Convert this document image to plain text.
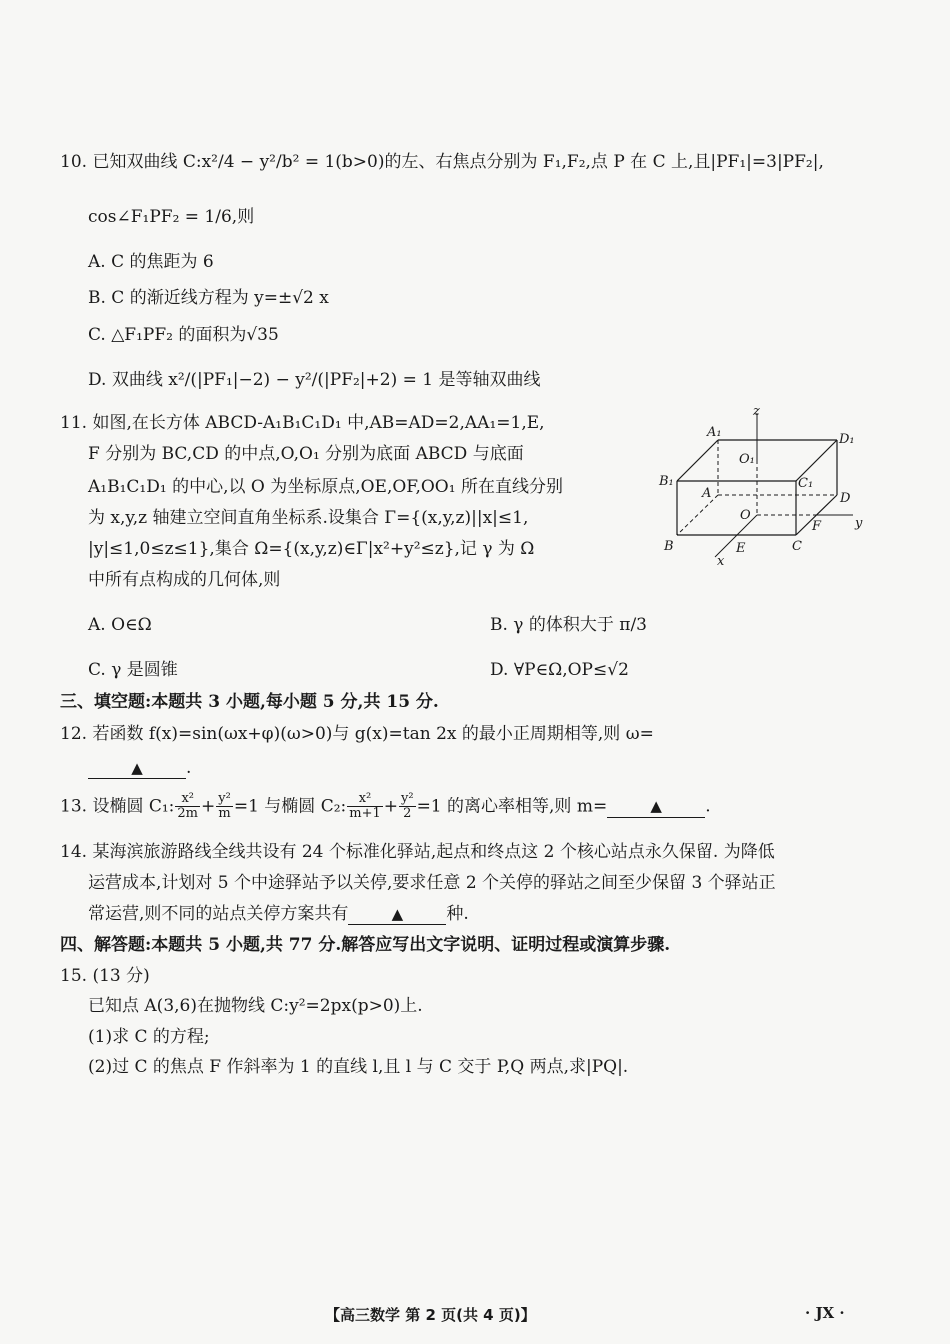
10. 已知双曲线 C:x²/4 − y²/b² = 1(b>0)的左、右焦点分别为 F₁,F₂,点 P 在 C 上,且|PF₁|=3|PF₂|,
cos∠F₁PF₂ = 1/6,则
A. C 的焦距为 6
B. C 的渐近线方程为 y=±√2 x
C. △F₁PF₂ 的面积为√35
D. 双曲线 x²/(|PF₁|−2) − y²/(|PF₂|+2) = 1 是等轴双曲线
11. 如图,在长方体 ABCD-A₁B₁C₁D₁ 中,AB=AD=2,AA₁=1,E,
F 分别为 BC,CD 的中点,O,O₁ 分别为底面 ABCD 与底面
A₁B₁C₁D₁ 的中心,以 O 为坐标原点,OE,OF,OO₁ 所在直线分别
为 x,y,z 轴建立空间直角坐标系.设集合 Γ={(x,y,z)||x|≤1,
|y|≤1,0≤z≤1},集合 Ω={(x,y,z)∈Γ|x²+y²≤z},记 γ 为 Ω
中所有点构成的几何体,则
A. O∈Ω	B. γ 的体积大于 π/3
C. γ 是圆锥	D. ∀P∈Ω,OP≤√2
z
y
x
A₁	D₁
O₁
B₁	C₁
A	D
O
F
B	E	C
三、填空题:本题共 3 小题,每小题 5 分,共 15 分.
12. 若函数 f(x)=sin(ωx+φ)(ω>0)与 g(x)=tan 2x 的最小正周期相等,则 ω=
▲	.
13. 设椭圆 C₁: $\frac{\text{x²}}{2m} + \frac{\text{y²}}{m} =1$ 与椭圆 C₂: $\frac{\text{x²}}{m+1} + \frac{\text{y²}}{2} =1$ 的离心率相等,则 m=	▲	.
14. 某海滨旅游路线全线共设有 24 个标准化驿站,起点和终点这 2 个核心站点永久保留. 为降低
运营成本,计划对 5 个中途驿站予以关停,要求任意 2 个关停的驿站之间至少保留 3 个驿站正
常运营,则不同的站点关停方案共有	▲	种.
四、解答题:本题共 5 小题,共 77 分.解答应写出文字说明、证明过程或演算步骤.
15. (13 分)
已知点 A(3,6)在抛物线 C:y²=2px(p>0)上.
(1)求 C 的方程;
(2)过 C 的焦点 F 作斜率为 1 的直线 l,且 l 与 C 交于 P,Q 两点,求|PQ|.
【高三数学 第 2 页(共 4 页)】	· JX ·
